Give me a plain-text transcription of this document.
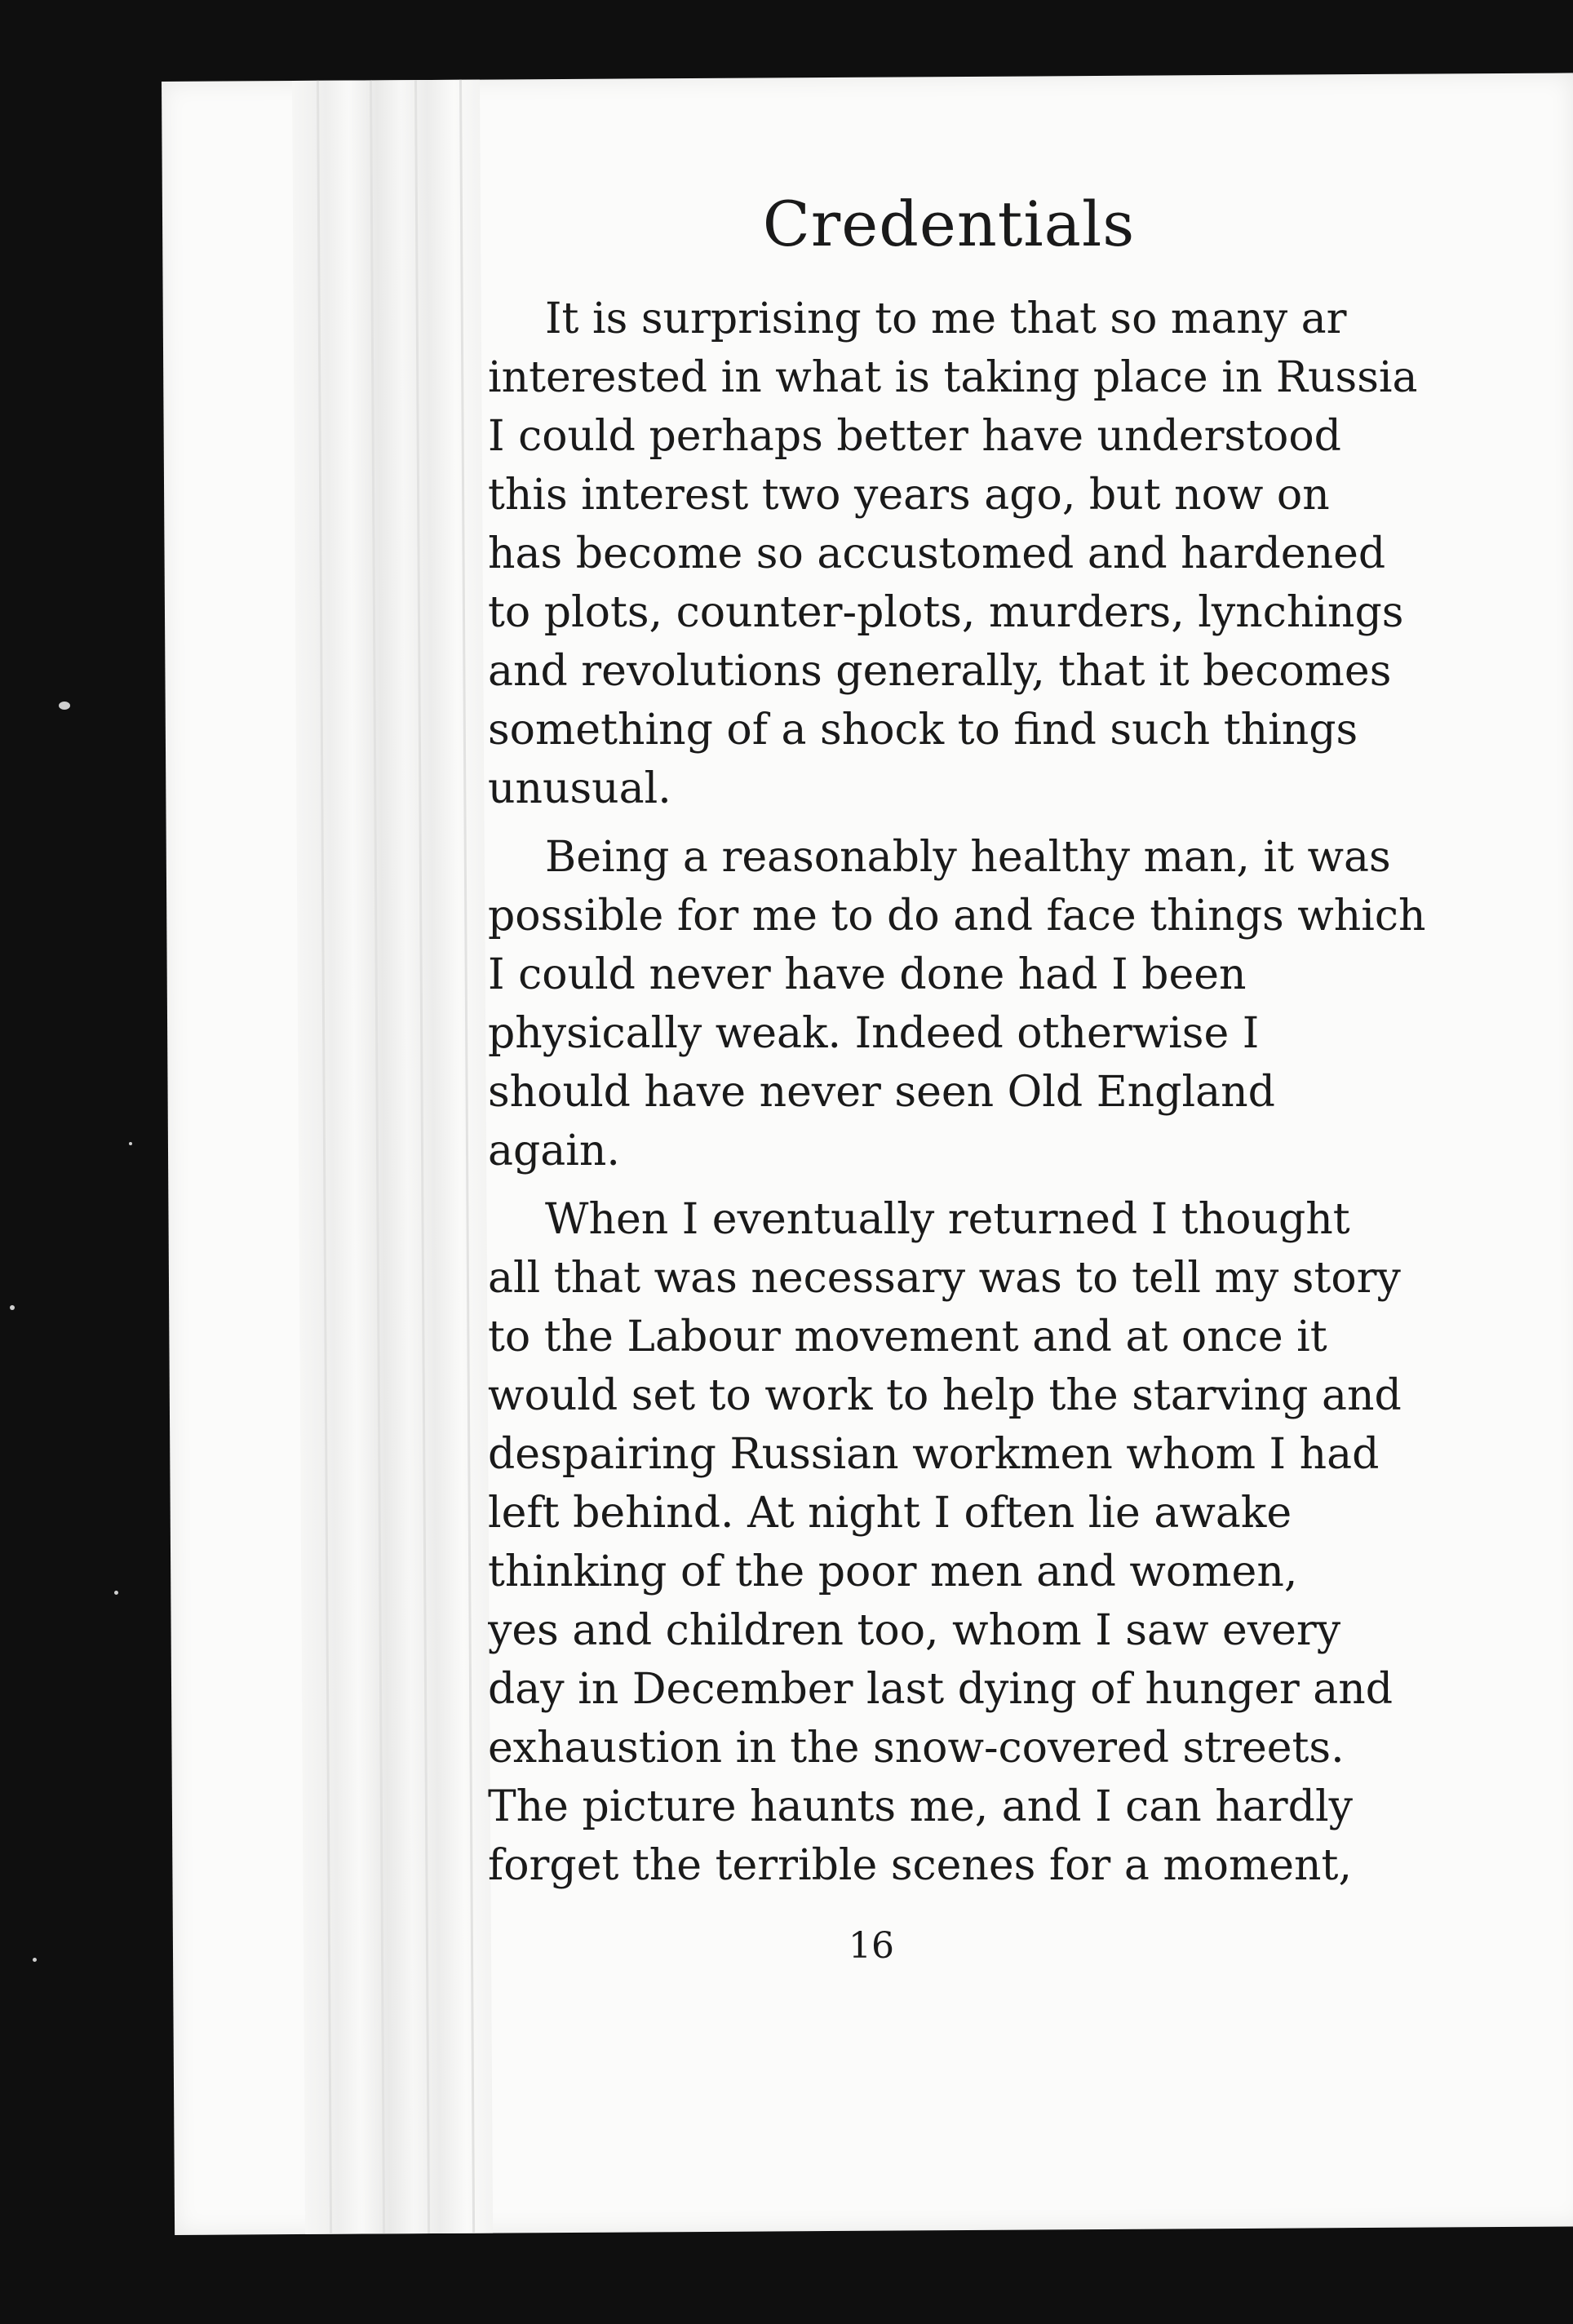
Credentials
It is surprising to me that so many ar
interested in what is taking place in Russia
I could perhaps better have understood
this interest two years ago, but now on
has become so accustomed and hardened
to plots, counter-plots, murders, lynchings
and revolutions generally, that it becomes
something of a shock to find such things
unusual.
Being a reasonably healthy man, it was
possible for me to do and face things which
I could never have done had I been
physically weak. Indeed otherwise I
should have never seen Old England
again.
When I eventually returned I thought
all that was necessary was to tell my story
to the Labour movement and at once it
would set to work to help the starving and
despairing Russian workmen whom I had
left behind. At night I often lie awake
thinking of the poor men and women,
yes and children too, whom I saw every
day in December last dying of hunger and
exhaustion in the snow-covered streets.
The picture haunts me, and I can hardly
forget the terrible scenes for a moment,
16
